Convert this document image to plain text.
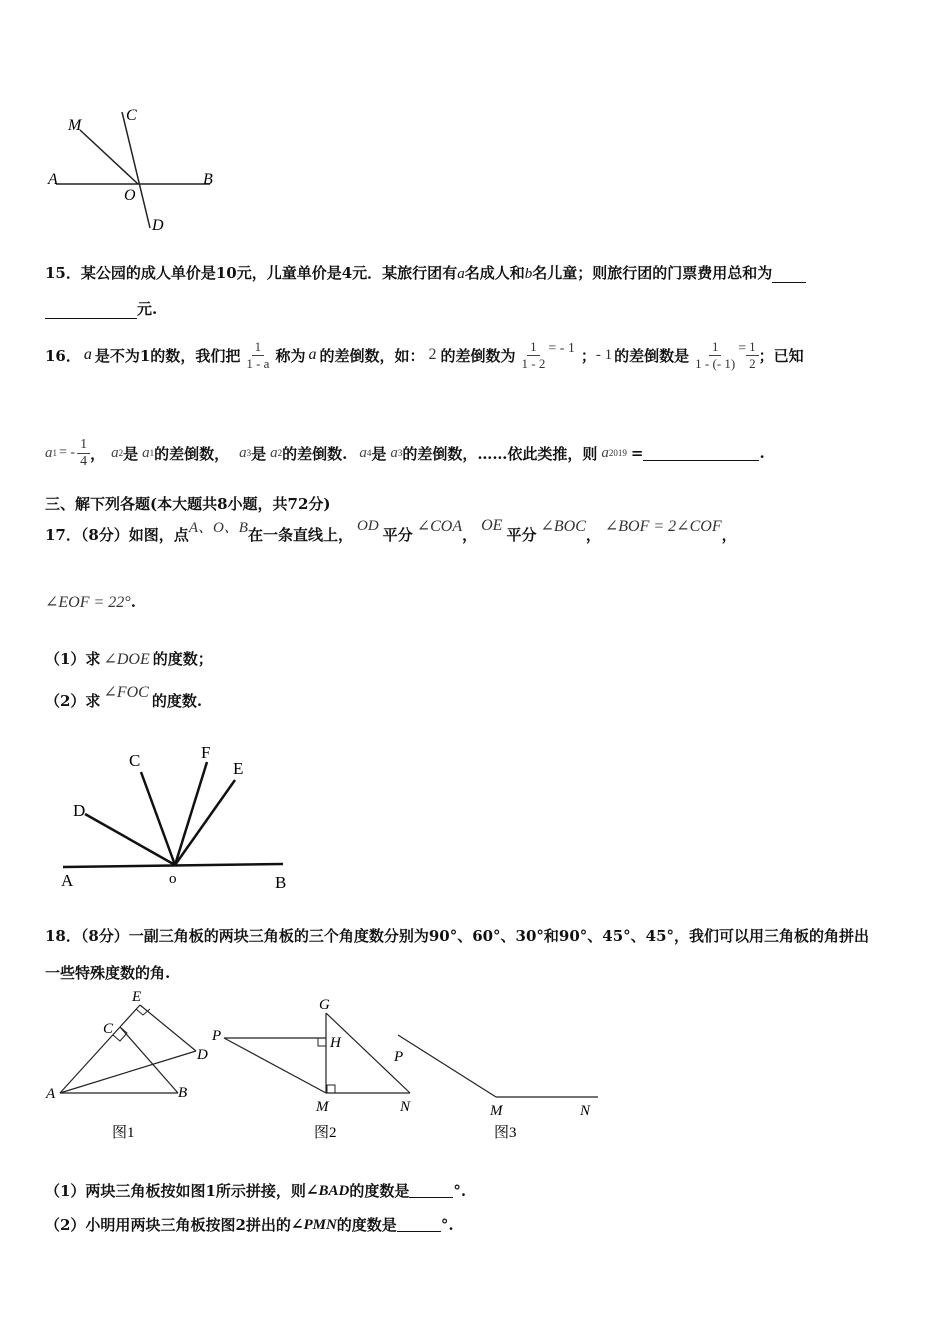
A	B
C
D
M
O
15．某公园的成人单价是10元，儿童单价是4元．某旅行团有a名成人和b名儿童；则旅行团的门票费用总和为
元.
16． a 是不为1的数，我们把 $\frac{1}{1 - a}$ 称为 a 的差倒数，如： 2 的差倒数为 $\frac{1}{1 - 2}$ = - 1 ； - 1 的差倒数是 $\frac{1}{1 - (- 1)} = \frac{1}{2}$ ；已知
a 1 = - $\frac{1}{4}$ ， a 2 是 a 1 的差倒数， a 3 是 a 2 的差倒数. a 4 是 a 3 的差倒数，……依此类推，则 a 2019 =	.
三、解下列各题(本大题共8小题，共72分)
17．（8分）如图，点 A、O、B 在一条直线上， OD 平分 ∠COA ， OE 平分 ∠BOC ， ∠BOF = 2∠COF ，
∠EOF = 22° .
（1）求 ∠DOE 的度数；
（2）求 ∠FOC 的度数.
A	o	B
C
D
F
E
18．（8分）一副三角板的两块三角板的三个角度数分别为90°、60°、30°和90°、45°、45°，我们可以用三角板的角拼出
一些特殊度数的角.
A	B
C
D
E
图1
P
G
H
M	N
图2
P
M	N
图3
（1）两块三角板按如图1所示拼接，则 ∠BAD 的度数是	°.
（2）小明用两块三角板按图2拼出的 ∠PMN 的度数是	°.
